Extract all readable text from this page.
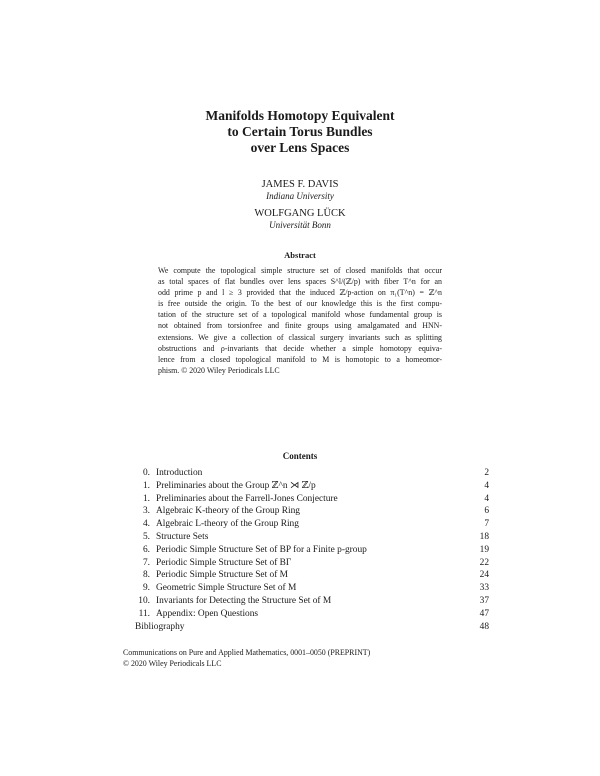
Manifolds Homotopy Equivalent
to Certain Torus Bundles
over Lens Spaces
JAMES F. DAVIS
Indiana University
WOLFGANG LÜCK
Universität Bonn
Abstract
We compute the topological simple structure set of closed manifolds that occur
as total spaces of flat bundles over lens spaces S^l/(ℤ/p) with fiber T^n for an
odd prime p and l ≥ 3 provided that the induced ℤ/p-action on π₁(T^n) = ℤ^n
is free outside the origin. To the best of our knowledge this is the first compu-
tation of the structure set of a topological manifold whose fundamental group is
not obtained from torsionfree and finite groups using amalgamated and HNN-
extensions. We give a collection of classical surgery invariants such as splitting
obstructions and ρ-invariants that decide whether a simple homotopy equiva-
lence from a closed topological manifold to M is homotopic to a homeomor-
phism. © 2020 Wiley Periodicals LLC
Contents
0. Introduction	2
1. Preliminaries about the Group ℤ^n ⋊ ℤ/p	4
1. Preliminaries about the Farrell-Jones Conjecture	4
3. Algebraic K-theory of the Group Ring	6
4. Algebraic L-theory of the Group Ring	7
5. Structure Sets	18
6. Periodic Simple Structure Set of BP for a Finite p-group	19
7. Periodic Simple Structure Set of BΓ	22
8. Periodic Simple Structure Set of M	24
9. Geometric Simple Structure Set of M	33
10. Invariants for Detecting the Structure Set of M	37
11. Appendix: Open Questions	47
Bibliography	48
Communications on Pure and Applied Mathematics, 0001–0050 (PREPRINT)
© 2020 Wiley Periodicals LLC
